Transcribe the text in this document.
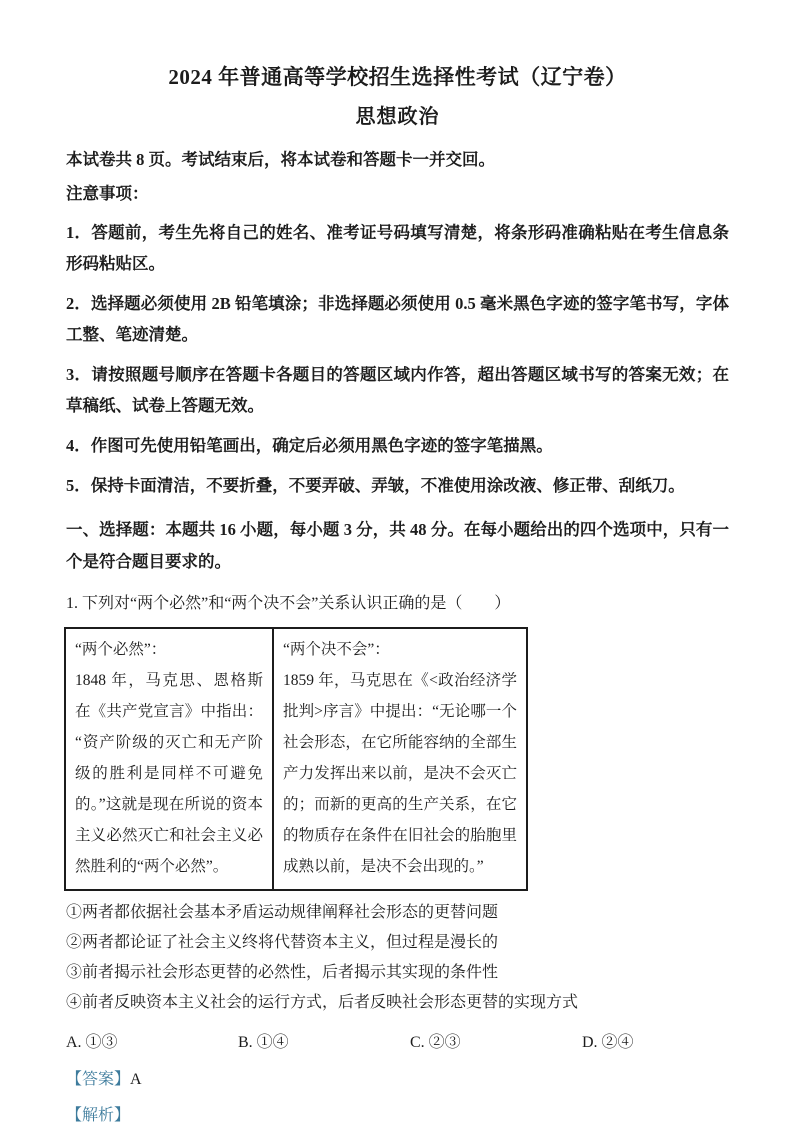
2024 年普通高等学校招生选择性考试（辽宁卷）
思想政治

本试卷共 8 页。考试结束后，将本试卷和答题卡一并交回。

注意事项：

1．答题前，考生先将自己的姓名、准考证号码填写清楚，将条形码准确粘贴在考生信息条形码粘贴区。

2．选择题必须使用 2B 铅笔填涂；非选择题必须使用 0.5 毫米黑色字迹的签字笔书写，字体工整、笔迹清楚。

3．请按照题号顺序在答题卡各题目的答题区域内作答，超出答题区域书写的答案无效；在草稿纸、试卷上答题无效。

4．作图可先使用铅笔画出，确定后必须用黑色字迹的签字笔描黑。

5．保持卡面清洁，不要折叠，不要弄破、弄皱，不准使用涂改液、修正带、刮纸刀。

一、选择题：本题共 16 小题，每小题 3 分，共 48 分。在每小题给出的四个选项中，只有一个是符合题目要求的。

1. 下列对“两个必然”和“两个决不会”关系认识正确的是（　　）

“两个必然”：
1848 年，马克思、恩格斯在《共产党宣言》中指出：“资产阶级的灭亡和无产阶级的胜利是同样不可避免的。”这就是现在所说的资本主义必然灭亡和社会主义必然胜利的“两个必然”。	
“两个决不会”：
1859 年，马克思在《<政治经济学批判>序言》中提出：“无论哪一个社会形态，在它所能容纳的全部生产力发挥出来以前，是决不会灭亡的；而新的更高的生产关系，在它的物质存在条件在旧社会的胎胞里成熟以前，是决不会出现的。”

①两者都依据社会基本矛盾运动规律阐释社会形态的更替问题

②两者都论证了社会主义终将代替资本主义，但过程是漫长的

③前者揭示社会形态更替的必然性，后者揭示其实现的条件性

④前者反映资本主义社会的运行方式，后者反映社会形态更替的实现方式

A. ①③	B. ①④	C. ②③	D. ②④

【答案】A

【解析】
